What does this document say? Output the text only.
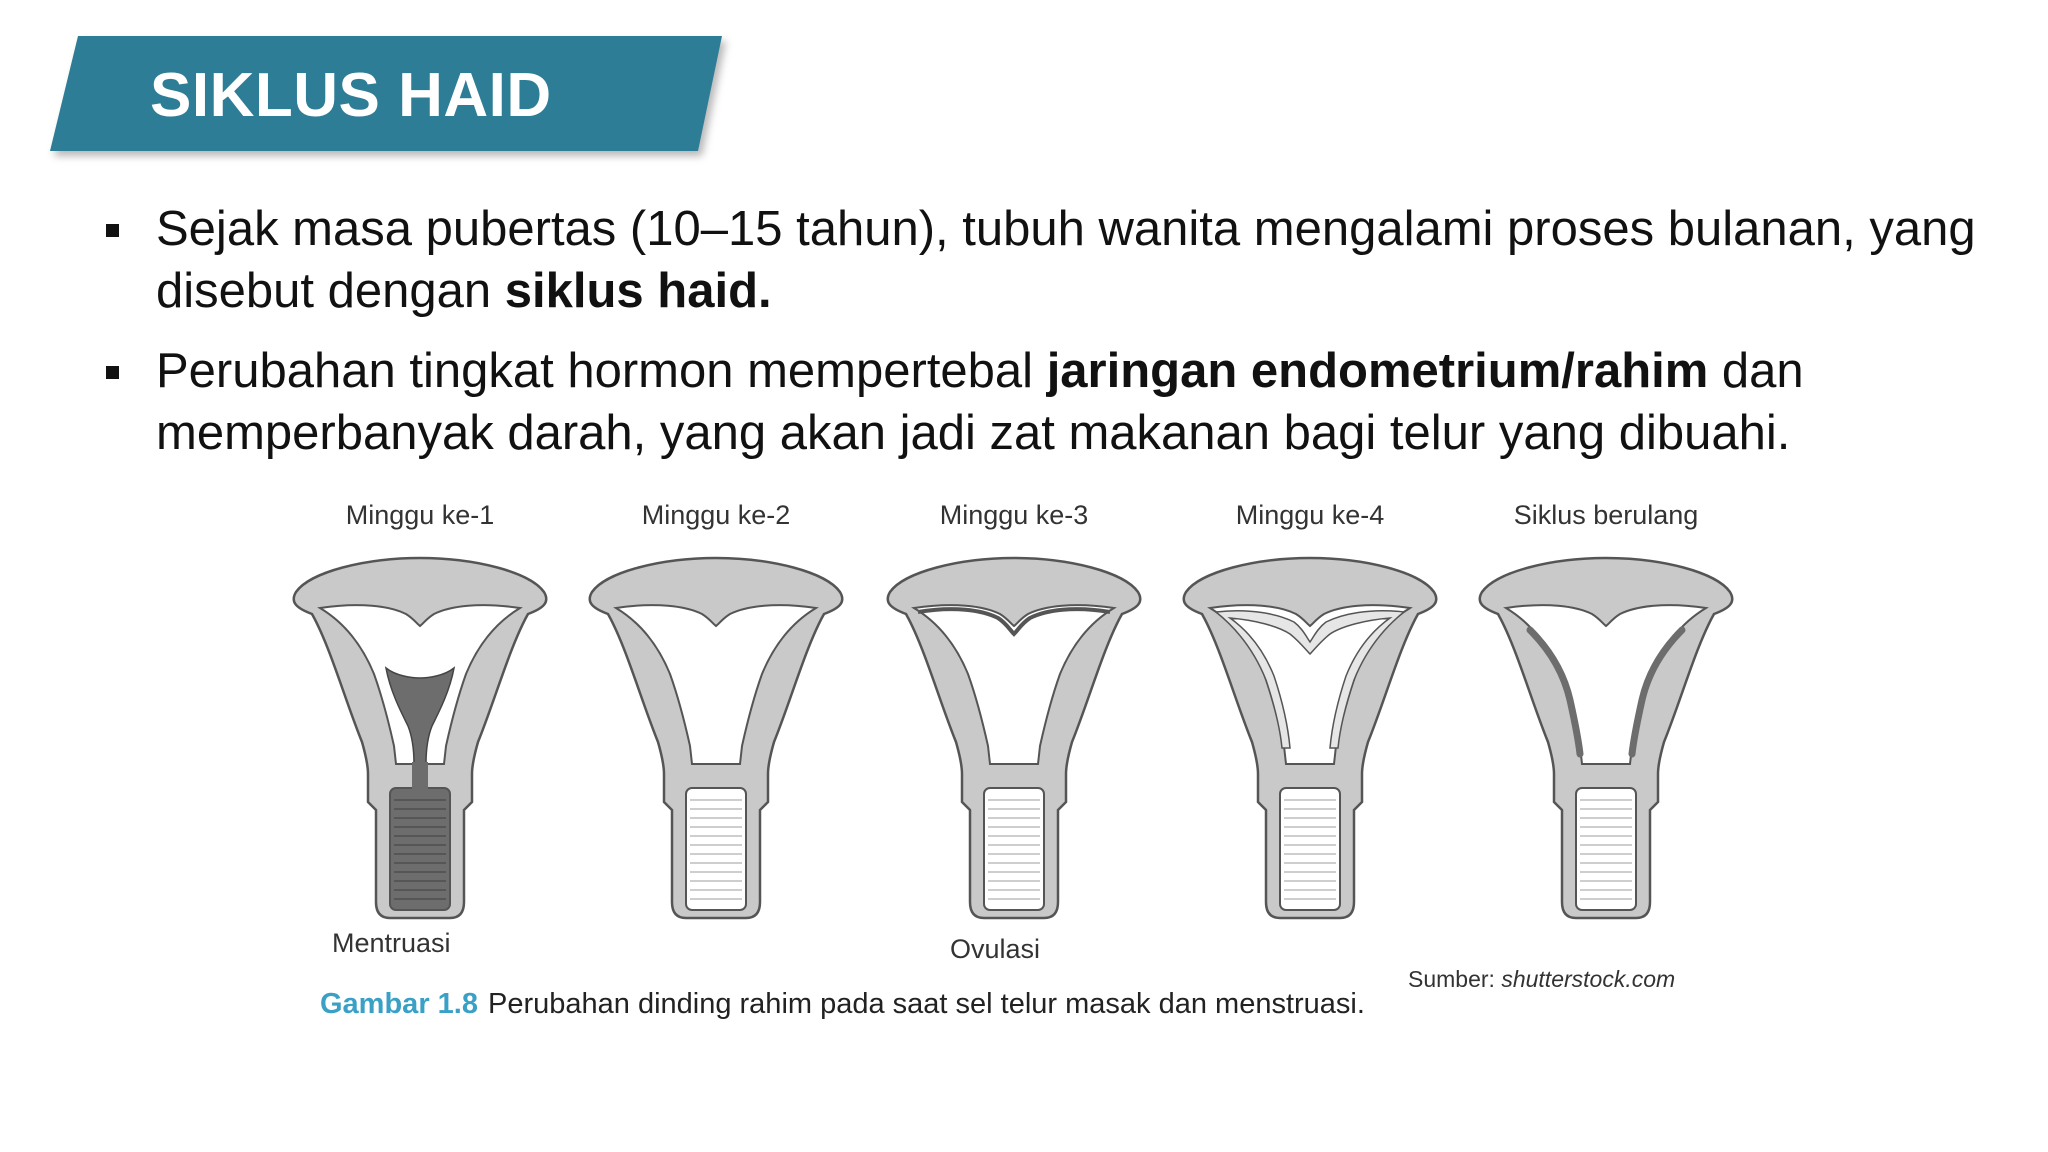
SIKLUS HAID
Sejak masa pubertas (10–15 tahun), tubuh wanita mengalami proses bulanan, yang disebut dengan siklus haid.
Perubahan tingkat hormon mempertebal jaringan endometrium/rahim dan memperbanyak darah, yang akan jadi zat makanan bagi telur yang dibuahi.
Minggu ke-1	Minggu ke-2	Minggu ke-3	Minggu ke-4	Siklus berulang
Mentruasi	Ovulasi
Sumber: shutterstock.com
Gambar 1.8 Perubahan dinding rahim pada saat sel telur masak dan menstruasi.
